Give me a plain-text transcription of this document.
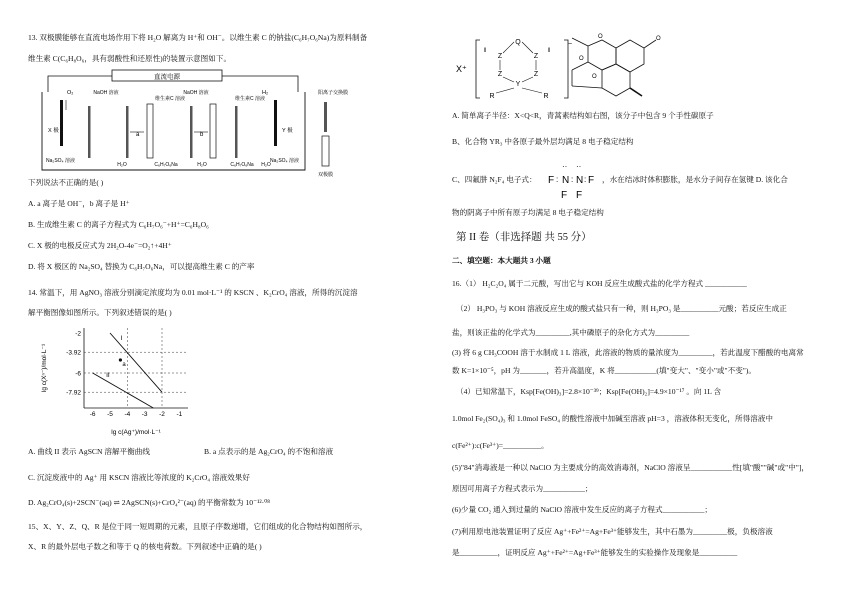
13. 双极膜能够在直流电场作用下将 H₂O 解离为 H⁺和 OH⁻。以维生素 C 的钠盐(C₆H₇O₆Na)为原料制备
维生素 C(C₆H₈O₆，具有弱酸性和还原性)的装置示意图如下。
直流电源
O₂
X 极
Na₂SO₄ 溶液
NaOH 溶液
维生素C 溶液
NaOH 溶液
维生素C 溶液
a	b
H₂O	C₆H₇O₆Na	H₂O	C₆H₇O₆Na H₂O
H₂
Y 极
Na₂SO₄ 溶液
阳离子交换膜
双极膜
下列说法不正确的是( )
A. a 离子是 OH⁻，b 离子是 H⁺
B. 生成维生素 C 的离子方程式为 C₆H₇O₆⁻+H⁺=C₆H₈O₆
C. X 极的电极反应式为 2H₂O-4e⁻=O₂↑+4H⁺
D. 将 X 极区的 Na₂SO₄ 替换为 C₆H₇O₆Na，可以提高维生素 C 的产率
14. 常温下，用 AgNO₃ 溶液分别滴定浓度均为 0.01 mol·L⁻¹ 的 KSCN 、K₂CrO₄ 溶液，所得的沉淀溶
解平衡图像如图所示。下列叙述错误的是( )
-2
-3.92
-6
-7.92
-6 -5 -4 -3 -2 -1
I
II
a
lg c(Xⁿ⁻)/mol·L⁻¹
lg c(Ag⁺)/mol·L⁻¹
A. 曲线 II 表示 AgSCN 溶解平衡曲线	B. a 点表示的是 Ag₂CrO₄ 的不饱和溶液
C. 沉淀废液中的 Ag⁺ 用 KSCN 溶液比等浓度的 K₂CrO₄ 溶液效果好
D. Ag₂CrO₄(s)+2SCN⁻(aq) ⇌ 2AgSCN(s)+CrO₄²⁻(aq) 的平衡常数为 10⁻¹²·⁰⁸
15、X、Y、Z、Q、R 是位于同一短周期的元素，且原子序数递增，它们组成的化合物结构如图所示，
X、R 的最外层电子数之和等于 Q 的核电荷数。下列叙述中正确的是( )
X⁺
−
Q
Z	Z
Z	Z
Y
R	R
‖	‖
O	O
O
O
A. 简单离子半径：X<Q<R，青蒿素结构如右图，该分子中包含 9 个手性碳原子
B、化合物 YR₃ 中各原子最外层均满足 8 电子稳定结构
C、四氟肼 N₂F₄ 电子式： F N N F
F F
·· ··
: : : ，水在结冰时体积膨胀，是水分子间存在氢键 D. 该化合
物的阴离子中所有原子均满足 8 电子稳定结构
第 II 卷（非选择题 共 55 分）
二、填空题：本大题共 3 小题
16.（1） H₂C₂O₄ 属于二元酸，写出它与 KOH 反应生成酸式盐的化学方程式 ___________
（2） H₃PO₃ 与 KOH 溶液反应生成的酸式盐只有一种，则 H₃PO₃ 是__________元酸；若反应生成正
盐，则该正盐的化学式为_________,其中磷原子的杂化方式为_________
(3) 将 6 g CH₃COOH 溶于水制成 1 L 溶液，此溶液的物质的量浓度为_________，若此温度下醋酸的电离常
数 K=1×10⁻⁵，pH 为_______，若升高温度，K 将___________(填"变大"、"变小"或"不变")。
（4）已知常温下，Ksp[Fe(OH)₃]=2.8×10⁻³⁹；Ksp[Fe(OH)₂]=4.9×10⁻¹⁷ 。向 1L 含
1.0mol Fe₂(SO₄)₃ 和 1.0mol FeSO₄ 的酸性溶液中加碱至溶液 pH=3 ，溶液体积无变化，所得溶液中
c(Fe²⁺):c(Fe³⁺)=__________。
(5)"84"消毒液是一种以 NaClO 为主要成分的高效消毒剂，NaClO 溶液呈___________性[填"酸""碱"或"中"]，
原因可用离子方程式表示为___________；
(6)少量 CO₂ 通入到过量的 NaClO 溶液中发生反应的离子方程式___________；
(7)利用原电池装置证明了反应 Ag⁺+Fe²⁺=Ag+Fe³⁺能够发生，其中石墨为_________极，负极溶液
是__________，证明反应 Ag⁺+Fe²⁺=Ag+Fe³⁺能够发生的实验操作及现象是__________
